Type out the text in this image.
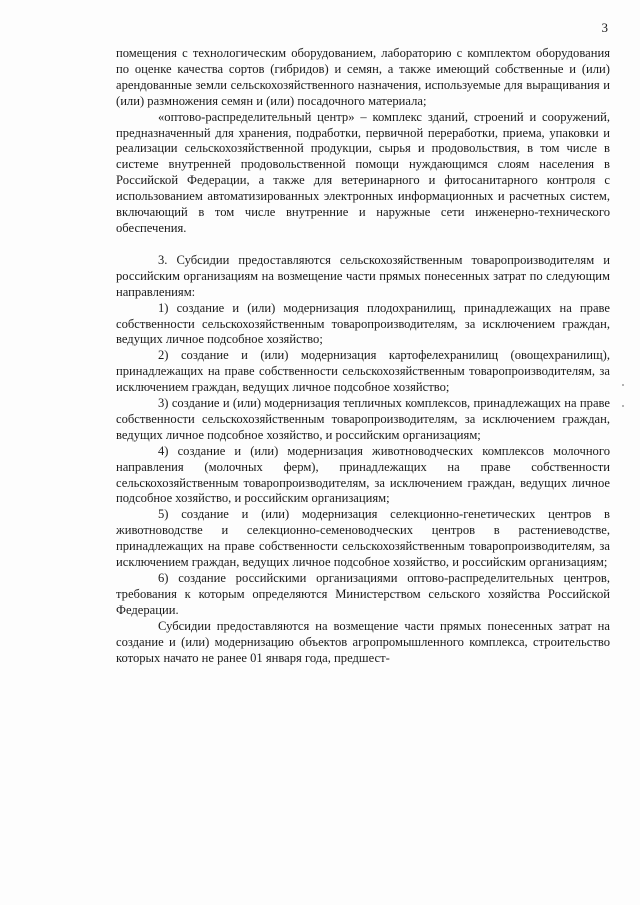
3

помещения с технологическим оборудованием, лабораторию с комплектом оборудования по оценке качества сортов (гибридов) и семян, а также имеющий собственные и (или) арендованные земли сельскохозяйственного назначения, используемые для выращивания и (или) размножения семян и (или) посадочного материала;

«оптово-распределительный центр» – комплекс зданий, строений и сооружений, предназначенный для хранения, подработки, первичной переработки, приема, упаковки и реализации сельскохозяйственной продукции, сырья и продовольствия, в том числе в системе внутренней продовольственной помощи нуждающимся слоям населения в Российской Федерации, а также для ветеринарного и фитосанитарного контроля с использованием автоматизированных электронных информационных и расчетных систем, включающий в том числе внутренние и наружные сети инженерно-технического обеспечения.

3. Субсидии предоставляются сельскохозяйственным товаропроизводителям и российским организациям на возмещение части прямых понесенных затрат по следующим направлениям:

1) создание и (или) модернизация плодохранилищ, принадлежащих на праве собственности сельскохозяйственным товаропроизводителям, за исключением граждан, ведущих личное подсобное хозяйство;

2) создание и (или) модернизация картофелехранилищ (овощехранилищ), принадлежащих на праве собственности сельскохозяйственным товаропроизводителям, за исключением граждан, ведущих личное подсобное хозяйство;

3) создание и (или) модернизация тепличных комплексов, принадлежащих на праве собственности сельскохозяйственным товаропроизводителям, за исключением граждан, ведущих личное подсобное хозяйство, и российским организациям;

4) создание и (или) модернизация животноводческих комплексов молочного направления (молочных ферм), принадлежащих на праве собственности сельскохозяйственным товаропроизводителям, за исключением граждан, ведущих личное подсобное хозяйство, и российским организациям;

5) создание и (или) модернизация селекционно-генетических центров в животноводстве и селекционно-семеноводческих центров в растениеводстве, принадлежащих на праве собственности сельскохозяйственным товаропроизводителям, за исключением граждан, ведущих личное подсобное хозяйство, и российским организациям;

6) создание российскими организациями оптово-распределительных центров, требования к которым определяются Министерством сельского хозяйства Российской Федерации.

Субсидии предоставляются на возмещение части прямых понесенных затрат на создание и (или) модернизацию объектов агропромышленного комплекса, строительство которых начато не ранее 01 января года, предшест-
